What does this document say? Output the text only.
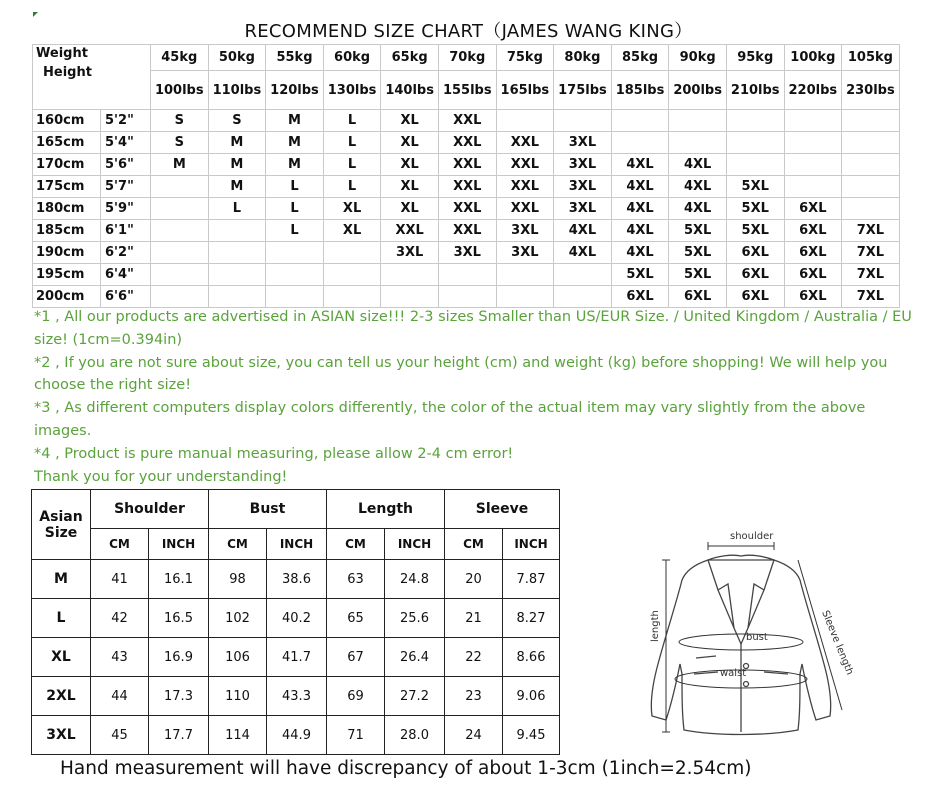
RECOMMEND SIZE CHART（JAMES WANG KING）
Weight
Height		45kg	50kg	55kg	60kg	65kg	70kg	75kg	80kg	85kg	90kg	95kg	100kg	105kg
		100lbs	110lbs	120lbs	130lbs	140lbs	155lbs	165lbs	175lbs	185lbs	200lbs	210lbs	220lbs	230lbs
160cm	5'2"	S	S	M	L	XL	XXL							
165cm	5'4"	S	M	M	L	XL	XXL	XXL	3XL					
170cm	5'6"	M	M	M	L	XL	XXL	XXL	3XL	4XL	4XL			
175cm	5'7"		M	L	L	XL	XXL	XXL	3XL	4XL	4XL	5XL		
180cm	5'9"		L	L	XL	XL	XXL	XXL	3XL	4XL	4XL	5XL	6XL	
185cm	6'1"			L	XL	XXL	XXL	3XL	4XL	4XL	5XL	5XL	6XL	7XL
190cm	6'2"					3XL	3XL	3XL	4XL	4XL	5XL	6XL	6XL	7XL
195cm	6'4"									5XL	5XL	6XL	6XL	7XL
200cm	6'6"									6XL	6XL	6XL	6XL	7XL

*1 , All our products are advertised in ASIAN size!!! 2-3 sizes Smaller than US/EUR Size. / United Kingdom / Australia / EU size! (1cm=0.394in)

*2 , If you are not sure about size, you can tell us your height (cm) and weight (kg) before shopping! We will help you choose the right size!

*3 , As different computers display colors differently, the color of the actual item may vary slightly from the above images.

*4 , Product is pure manual measuring, please allow 2-4 cm error!

Thank you for your understanding!

Asian Size	Shoulder		Bust		Length		Sleeve	
	CM	INCH	CM	INCH	CM	INCH	CM	INCH
M	41	16.1	98	38.6	63	24.8	20	7.87
L	42	16.5	102	40.2	65	25.6	21	8.27
XL	43	16.9	106	41.7	67	26.4	22	8.66
2XL	44	17.3	110	43.3	69	27.2	23	9.06
3XL	45	17.7	114	44.9	71	28.0	24	9.45
shoulder
length	bust
waist	Sleeve length
Hand measurement will have discrepancy of about 1-3cm (1inch=2.54cm)
